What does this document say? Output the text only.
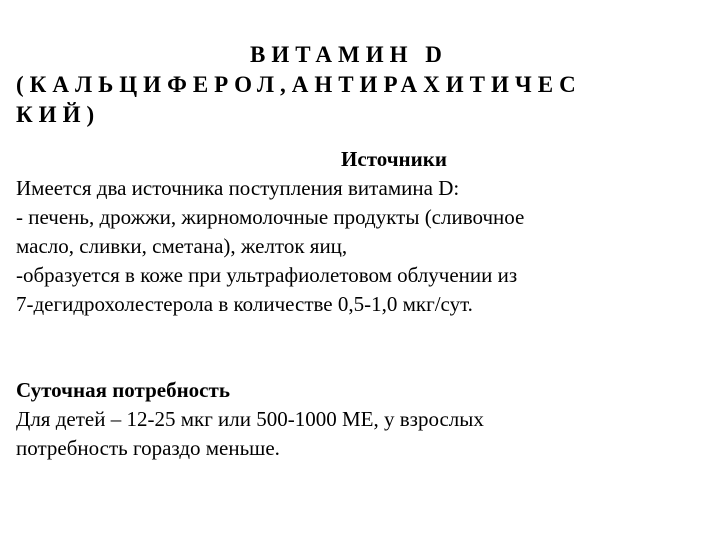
ВИТАМИН D
(КАЛЬЦИФЕРОЛ,АНТИРАХИТИЧЕС
КИЙ)
Источники
Имеется два источника поступления витамина D:
- печень, дрожжи, жирномолочные продукты (сливочное
масло, сливки, сметана), желток яиц,
-образуется в коже при ультрафиолетовом облучении из
7-дегидрохолестерола в количестве 0,5-1,0 мкг/сут.
Суточная потребность
Для детей – 12-25 мкг или 500-1000 МЕ, у взрослых
потребность гораздо меньше.
